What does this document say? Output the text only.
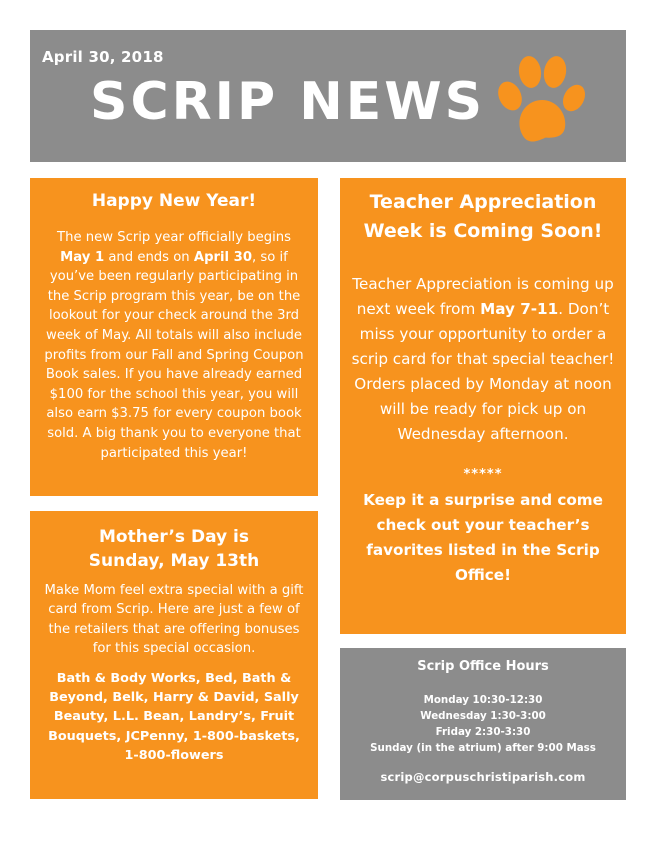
April 30, 2018
SCRIP NEWS
Happy New Year!

The new Scrip year officially begins May 1 and ends on April 30, so if you’ve been regularly participating in the Scrip program this year, be on the lookout for your check around the 3rd week of May. All totals will also include profits from our Fall and Spring Coupon Book sales. If you have already earned $100 for the school this year, you will also earn $3.75 for every coupon book sold. A big thank you to everyone that participated this year!

Mother’s Day is
Sunday, May 13th

Make Mom feel extra special with a gift card from Scrip. Here are just a few of the retailers that are offering bonuses for this special occasion.

Bath & Body Works, Bed, Bath & Beyond, Belk, Harry & David, Sally Beauty, L.L. Bean, Landry’s, Fruit Bouquets, JCPenny, 1-800-baskets, 1-800-flowers

Teacher Appreciation
Week is Coming Soon!

Teacher Appreciation is coming up next week from May 7-11. Don’t miss your opportunity to order a scrip card for that special teacher! Orders placed by Monday at noon will be ready for pick up on Wednesday afternoon.

*****

Keep it a surprise and come check out your teacher’s favorites listed in the Scrip Office!

Scrip Office Hours
Monday 10:30-12:30
Wednesday 1:30-3:00
Friday 2:30-3:30
Sunday (in the atrium) after 9:00 Mass
scrip@corpuschristiparish.com
